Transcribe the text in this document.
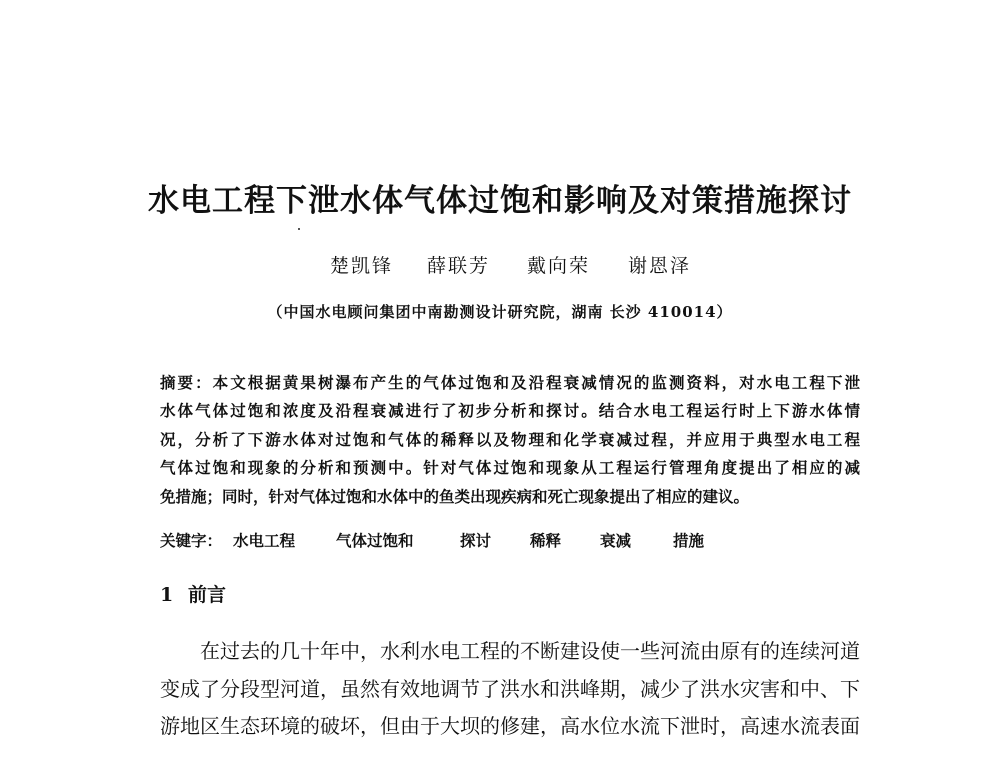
水电工程下泄水体气体过饱和影响及对策措施探讨
楚凯锋 薛联芳 戴向荣 谢恩泽
（中国水电顾问集团中南勘测设计研究院，湖南 长沙 410014）
摘要：本文根据黄果树瀑布产生的气体过饱和及沿程衰减情况的监测资料，对水电工程下泄
水体气体过饱和浓度及沿程衰减进行了初步分析和探讨。结合水电工程运行时上下游水体情
况，分析了下游水体对过饱和气体的稀释以及物理和化学衰减过程，并应用于典型水电工程
气体过饱和现象的分析和预测中。针对气体过饱和现象从工程运行管理角度提出了相应的减
免措施；同时，针对气体过饱和水体中的鱼类出现疾病和死亡现象提出了相应的建议。
关键字： 水电工程	气体过饱和	探讨	稀释	衰减	措施
1 前言
在过去的几十年中，水利水电工程的不断建设使一些河流由原有的连续河道
变成了分段型河道，虽然有效地调节了洪水和洪峰期，减少了洪水灾害和中、下
游地区生态环境的破坏，但由于大坝的修建，高水位水流下泄时，高速水流表面
